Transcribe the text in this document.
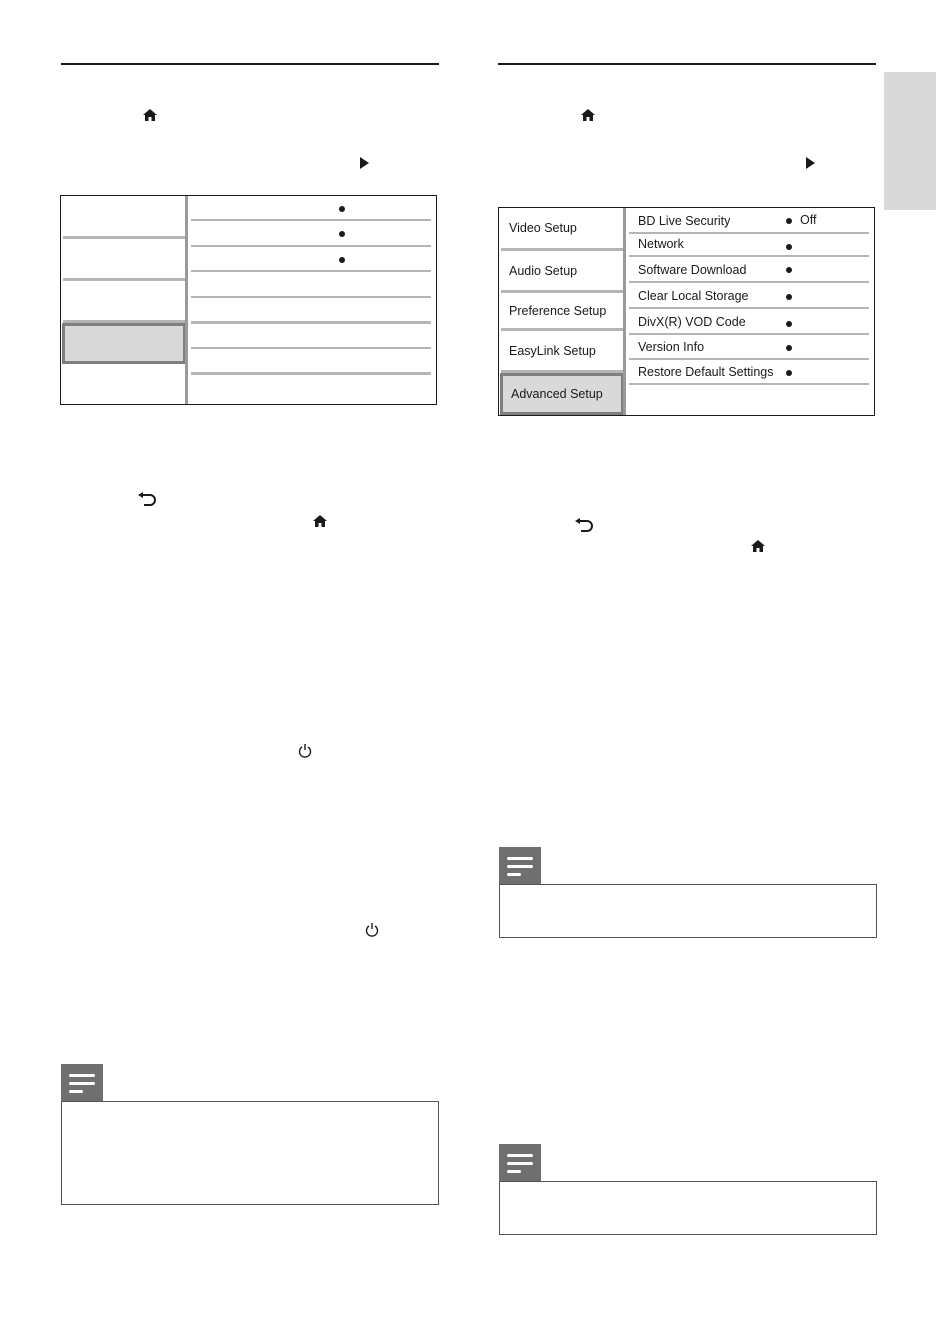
Video Setup
Audio Setup
Preference Setup
EasyLink Setup
Advanced Setup
BD Live Security	Off
Network
Software Download
Clear Local Storage
DivX(R) VOD Code
Version Info
Restore Default Settings
